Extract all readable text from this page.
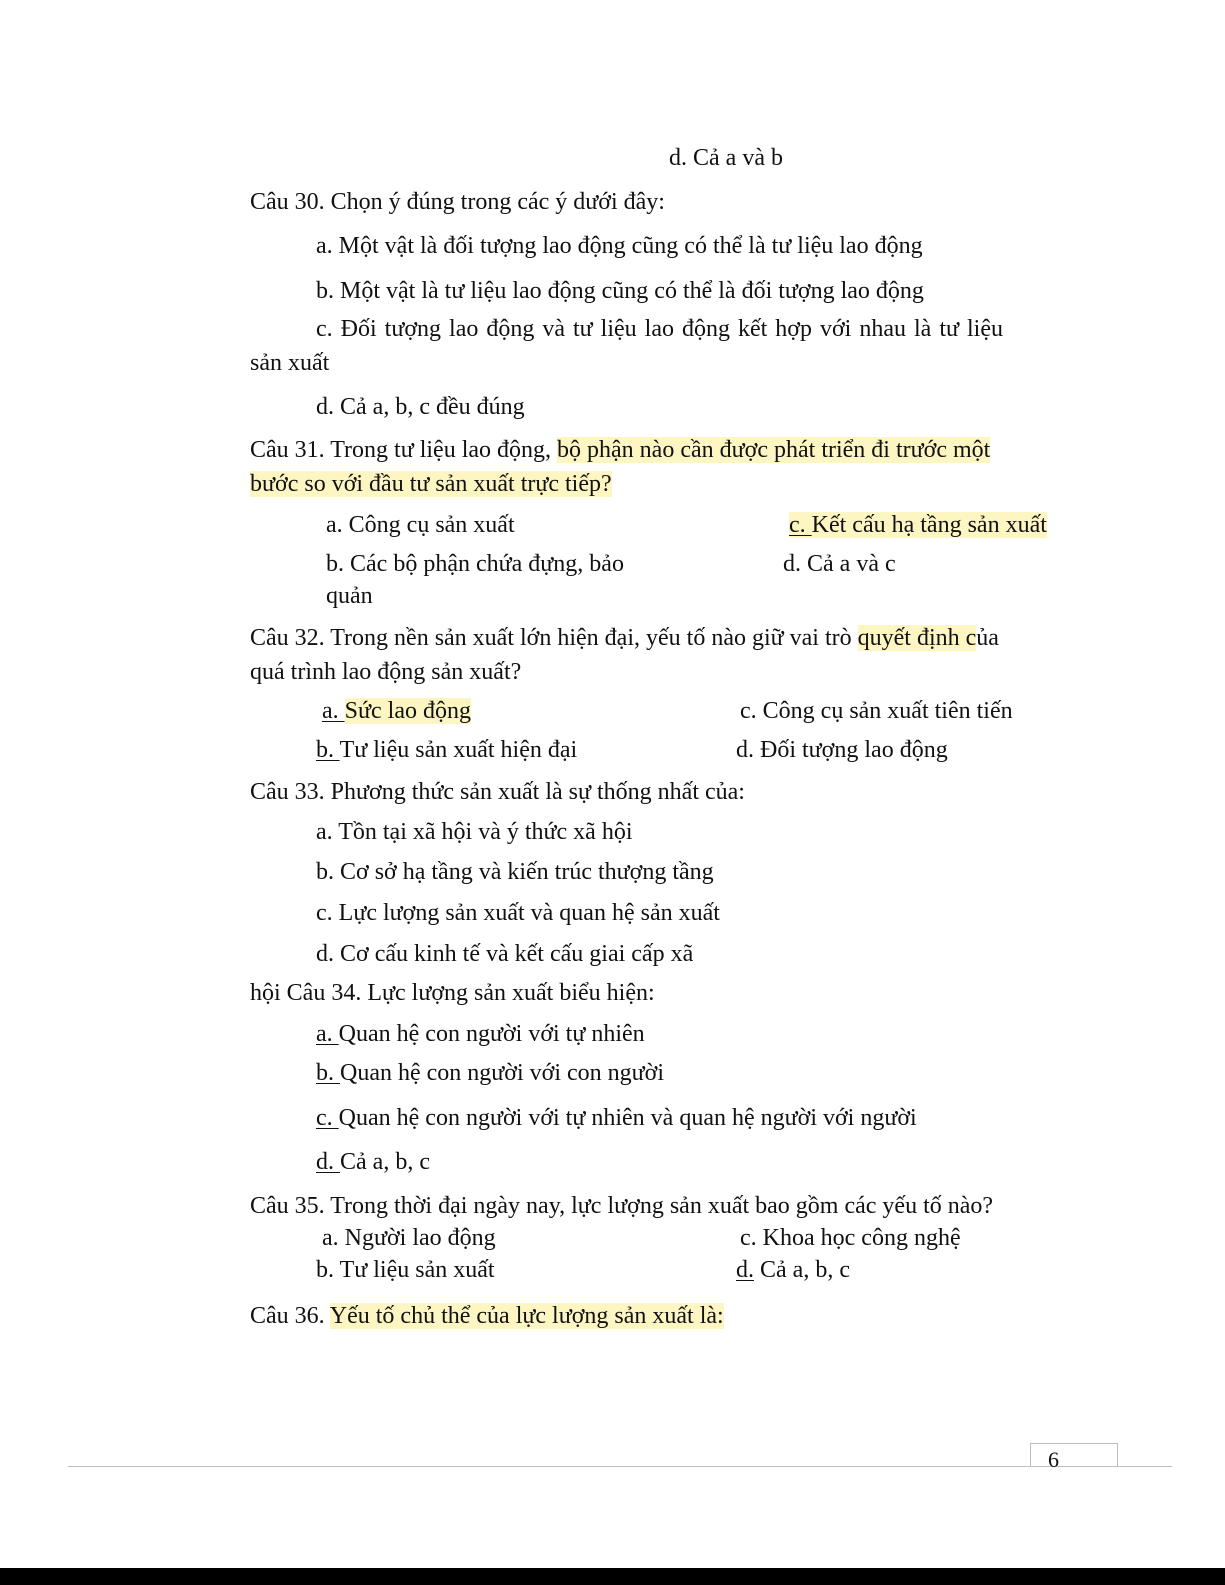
d. Cả a và b
Câu 30. Chọn ý đúng trong các ý dưới đây:
a. Một vật là đối tượng lao động cũng có thể là tư liệu lao động
b. Một vật là tư liệu lao động cũng có thể là đối tượng lao động
c. Đối tượng lao động và tư liệu lao động kết hợp với nhau là tư liệu
sản xuất
d. Cả a, b, c đều đúng
Câu 31. Trong tư liệu lao động, bộ phận nào cần được phát triển đi trước một
bước so với đầu tư sản xuất trực tiếp?
a. Công cụ sản xuất	c. Kết cấu hạ tầng sản xuất
b. Các bộ phận chứa đựng, bảo	d. Cả a và c
quản
Câu 32. Trong nền sản xuất lớn hiện đại, yếu tố nào giữ vai trò quyết định của
quá trình lao động sản xuất?
a. Sức lao động	c. Công cụ sản xuất tiên tiến
b. Tư liệu sản xuất hiện đại	d. Đối tượng lao động
Câu 33. Phương thức sản xuất là sự thống nhất của:
a. Tồn tại xã hội và ý thức xã hội
b. Cơ sở hạ tầng và kiến trúc thượng tầng
c. Lực lượng sản xuất và quan hệ sản xuất
d. Cơ cấu kinh tế và kết cấu giai cấp xã
hội Câu 34. Lực lượng sản xuất biểu hiện:
a. Quan hệ con người với tự nhiên
b. Quan hệ con người với con người
c. Quan hệ con người với tự nhiên và quan hệ người với người
d. Cả a, b, c
Câu 35. Trong thời đại ngày nay, lực lượng sản xuất bao gồm các yếu tố nào?
a. Người lao động	c. Khoa học công nghệ
b. Tư liệu sản xuất	d. Cả a, b, c
Câu 36. Yếu tố chủ thể của lực lượng sản xuất là:
6
